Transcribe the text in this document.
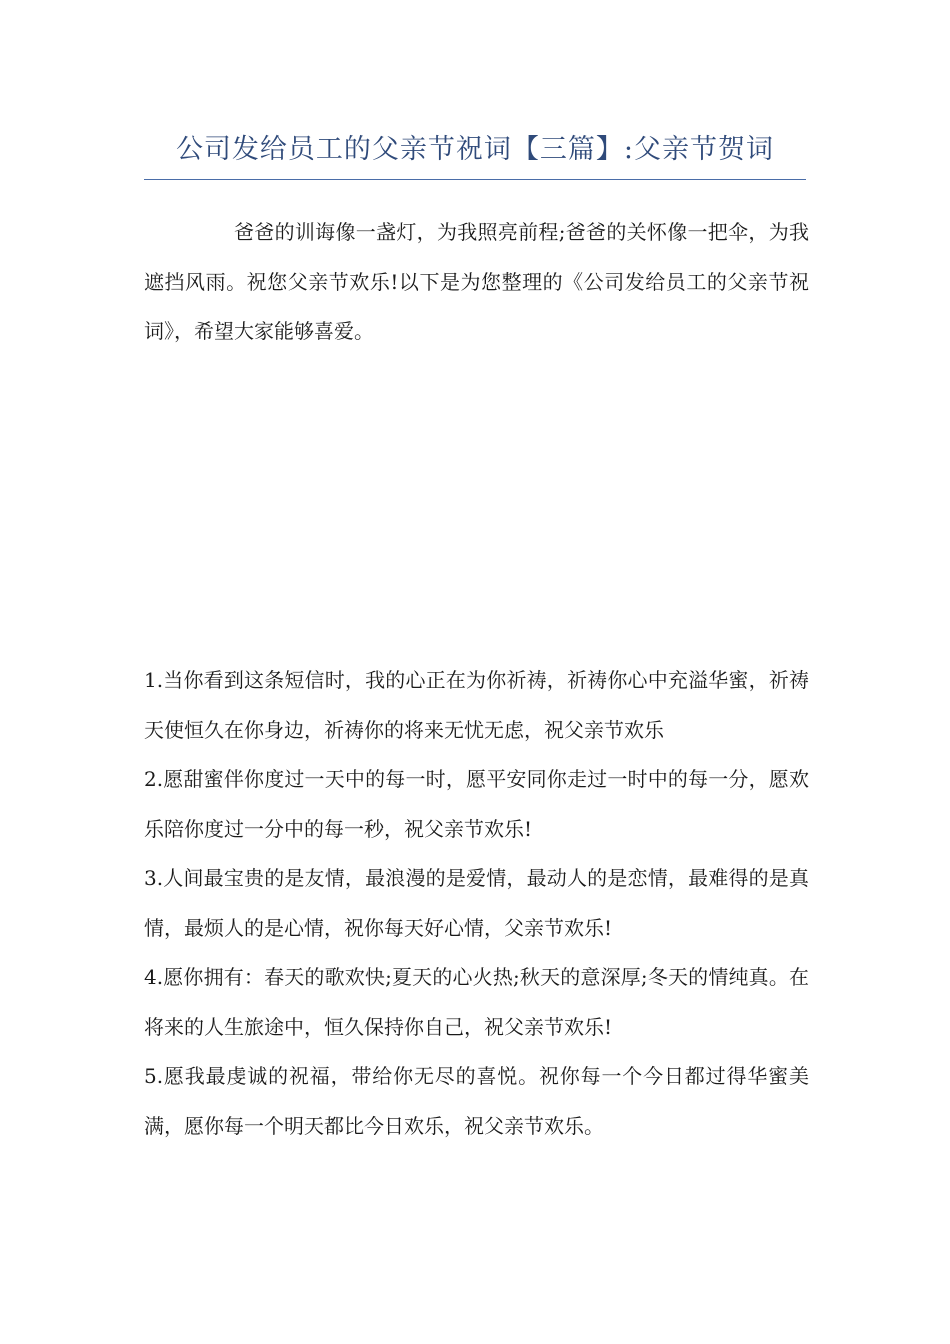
公司发给员工的父亲节祝词【三篇】:父亲节贺词

爸爸的训诲像一盏灯，为我照亮前程;爸爸的关怀像一把伞，为我遮挡风雨。祝您父亲节欢乐!以下是为您整理的《公司发给员工的父亲节祝词》，希望大家能够喜爱。

1.当你看到这条短信时，我的心正在为你祈祷，祈祷你心中充溢华蜜，祈祷天使恒久在你身边，祈祷你的将来无忧无虑，祝父亲节欢乐
2.愿甜蜜伴你度过一天中的每一时，愿平安同你走过一时中的每一分，愿欢乐陪你度过一分中的每一秒，祝父亲节欢乐!
3.人间最宝贵的是友情，最浪漫的是爱情，最动人的是恋情，最难得的是真情，最烦人的是心情，祝你每天好心情，父亲节欢乐!
4.愿你拥有：春天的歌欢快;夏天的心火热;秋天的意深厚;冬天的情纯真。在将来的人生旅途中，恒久保持你自己，祝父亲节欢乐!
5.愿我最虔诚的祝福，带给你无尽的喜悦。祝你每一个今日都过得华蜜美满，愿你每一个明天都比今日欢乐，祝父亲节欢乐。
